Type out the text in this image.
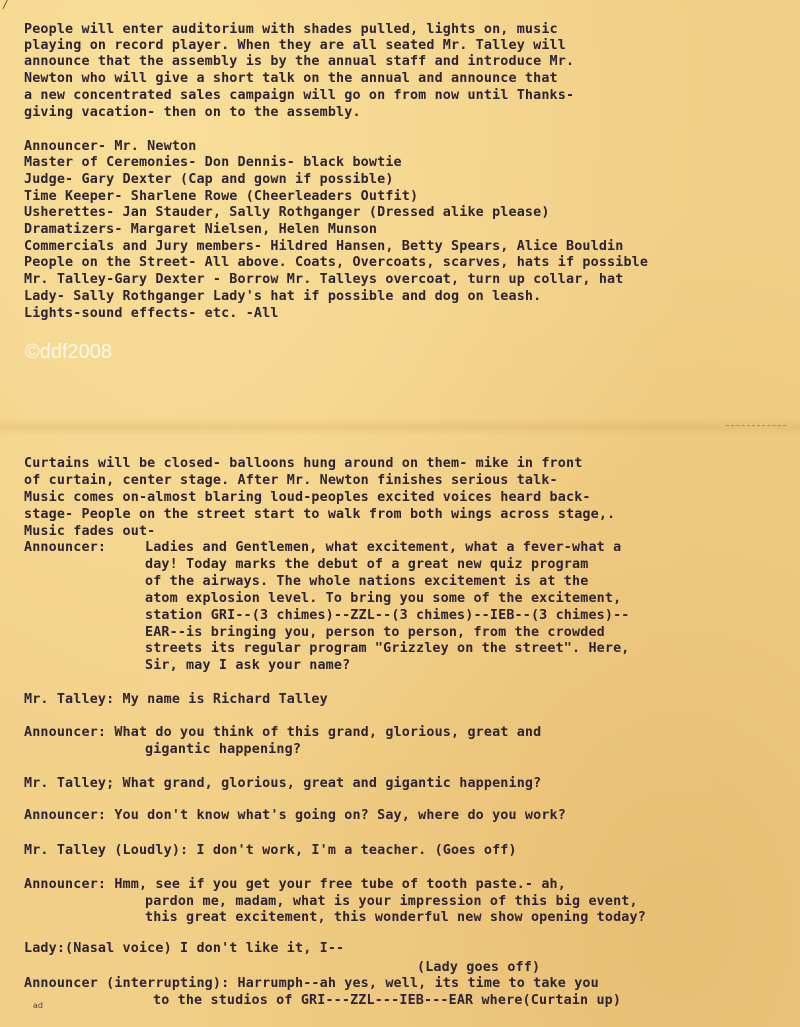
/
People will enter auditorium with shades pulled, lights on, music
playing on record player. When they are all seated Mr. Talley will
announce that the assembly is by the annual staff and introduce Mr.
Newton who will give a short talk on the annual and announce that
a new concentrated sales campaign will go on from now until Thanks-
giving vacation- then on to the assembly.
Announcer- Mr. Newton
Master of Ceremonies- Don Dennis- black bowtie
Judge- Gary Dexter (Cap and gown if possible)
Time Keeper- Sharlene Rowe (Cheerleaders Outfit)
Usherettes- Jan Stauder, Sally Rothganger (Dressed alike please)
Dramatizers- Margaret Nielsen, Helen Munson
Commercials and Jury members- Hildred Hansen, Betty Spears, Alice Bouldin
People on the Street- All above. Coats, Overcoats, scarves, hats if possible
Mr. Talley-Gary Dexter - Borrow Mr. Talleys overcoat, turn up collar, hat
Lady- Sally Rothganger Lady's hat if possible and dog on leash.
Lights-sound effects- etc. -All
©ddf2008
Curtains will be closed- balloons hung around on them- mike in front
of curtain, center stage. After Mr. Newton finishes serious talk-
Music comes on-almost blaring loud-peoples excited voices heard back-
stage- People on the street start to walk from both wings across stage,.
Music fades out-
Announcer:	Ladies and Gentlemen, what excitement, what a fever-what a
day! Today marks the debut of a great new quiz program
of the airways. The whole nations excitement is at the
atom explosion level. To bring you some of the excitement,
station GRI--(3 chimes)--ZZL--(3 chimes)--IEB--(3 chimes)--
EAR--is bringing you, person to person, from the crowded
streets its regular program "Grizzley on the street". Here,
Sir, may I ask your name?
Mr. Talley: My name is Richard Talley
Announcer: What do you think of this grand, glorious, great and
gigantic happening?
Mr. Talley; What grand, glorious, great and gigantic happening?
Announcer: You don't know what's going on? Say, where do you work?
Mr. Talley (Loudly): I don't work, I'm a teacher. (Goes off)
Announcer: Hmm, see if you get your free tube of tooth paste.- ah,
pardon me, madam, what is your impression of this big event,
this great excitement, this wonderful new show opening today?
Lady:(Nasal voice) I don't like it, I--
(Lady goes off)
Announcer (interrupting): Harrumph--ah yes, well, its time to take you
to the studios of GRI---ZZL---IEB---EAR where(Curtain up)
ad
